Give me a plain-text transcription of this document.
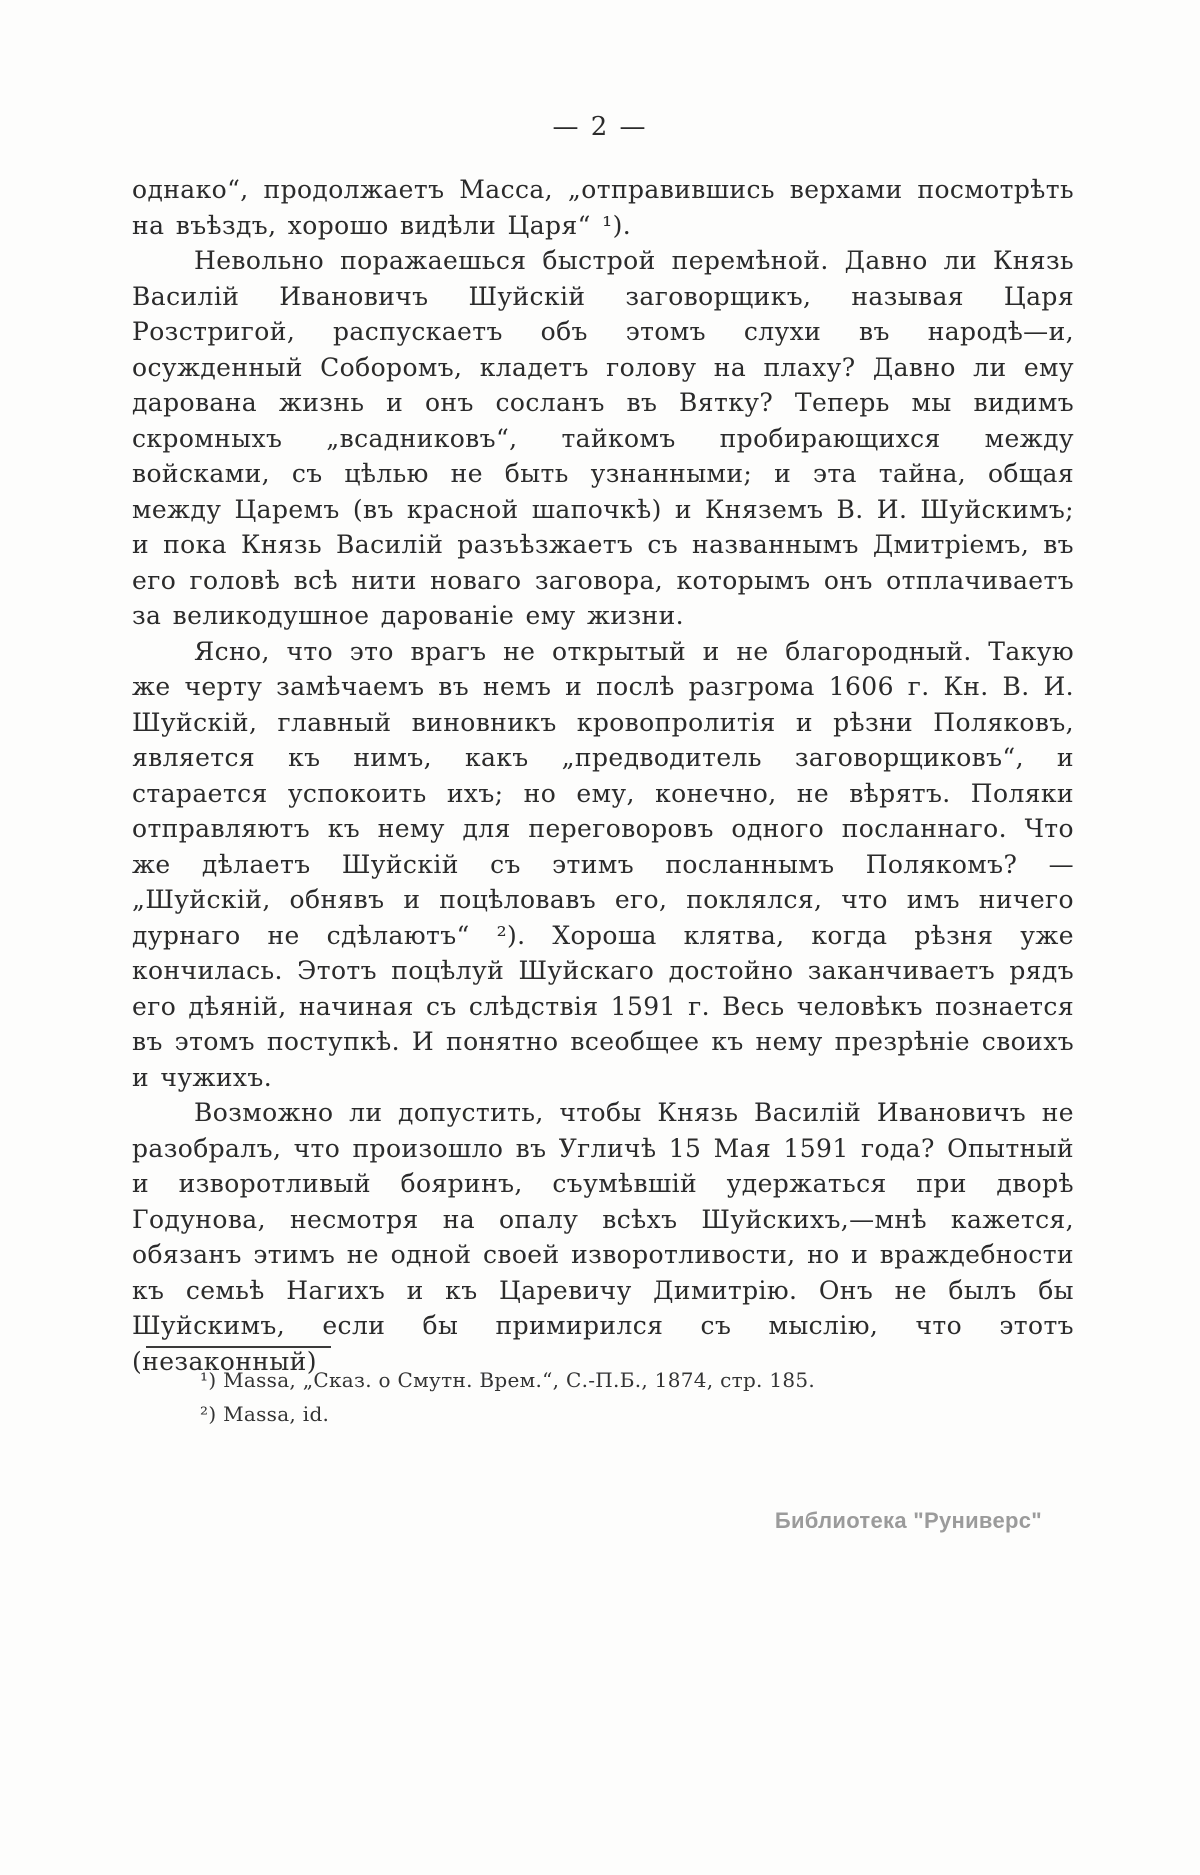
— 2 —

однако“, продолжаетъ Масса, „отправившись верхами посмотрѣть на въѣздъ, хорошо видѣли Царя“ ¹).

Невольно поражаешься быстрой перемѣной. Давно ли Князь Василій Ивановичъ Шуйскій заговорщикъ, называя Царя Розстригой, распускаетъ объ этомъ слухи въ народѣ—и, осужденный Соборомъ, кладетъ голову на плаху? Давно ли ему дарована жизнь и онъ сосланъ въ Вятку? Теперь мы видимъ скромныхъ „всадниковъ“, тайкомъ пробирающихся между войсками, съ цѣлью не быть узнанными; и эта тайна, общая между Царемъ (въ красной шапочкѣ) и Княземъ В. И. Шуйскимъ; и пока Князь Василій разъѣзжаетъ съ названнымъ Дмитріемъ, въ его головѣ всѣ нити новаго заговора, которымъ онъ отплачиваетъ за великодушное дарованіе ему жизни.

Ясно, что это врагъ не открытый и не благородный. Такую же черту замѣчаемъ въ немъ и послѣ разгрома 1606 г. Кн. В. И. Шуйскій, главный виновникъ кровопролитія и рѣзни Поляковъ, является къ нимъ, какъ „предводитель заговорщиковъ“, и старается успокоить ихъ; но ему, конечно, не вѣрятъ. Поляки отправляютъ къ нему для переговоровъ одного посланнаго. Что же дѣлаетъ Шуйскій съ этимъ посланнымъ Полякомъ? — „Шуйскій, обнявъ и поцѣловавъ его, поклялся, что имъ ничего дурнаго не сдѣлаютъ“ ²). Хороша клятва, когда рѣзня уже кончилась. Этотъ поцѣлуй Шуйскаго достойно заканчиваетъ рядъ его дѣяній, начиная съ слѣдствія 1591 г. Весь человѣкъ познается въ этомъ поступкѣ. И понятно всеобщее къ нему презрѣніе своихъ и чужихъ.

Возможно ли допустить, чтобы Князь Василій Ивановичъ не разобралъ, что произошло въ Угличѣ 15 Мая 1591 года? Опытный и изворотливый бояринъ, съумѣвшій удержаться при дворѣ Годунова, несмотря на опалу всѣхъ Шуйскихъ,—мнѣ кажется, обязанъ этимъ не одной своей изворотливости, но и враждебности къ семьѣ Нагихъ и къ Царевичу Димитрію. Онъ не былъ бы Шуйскимъ, если бы примирился съ мыслію, что этотъ (незаконный)

¹) Massa, „Сказ. о Смутн. Врем.“, С.-П.Б., 1874, стр. 185.

²) Massa, id.

Библиотека "Руниверс"
